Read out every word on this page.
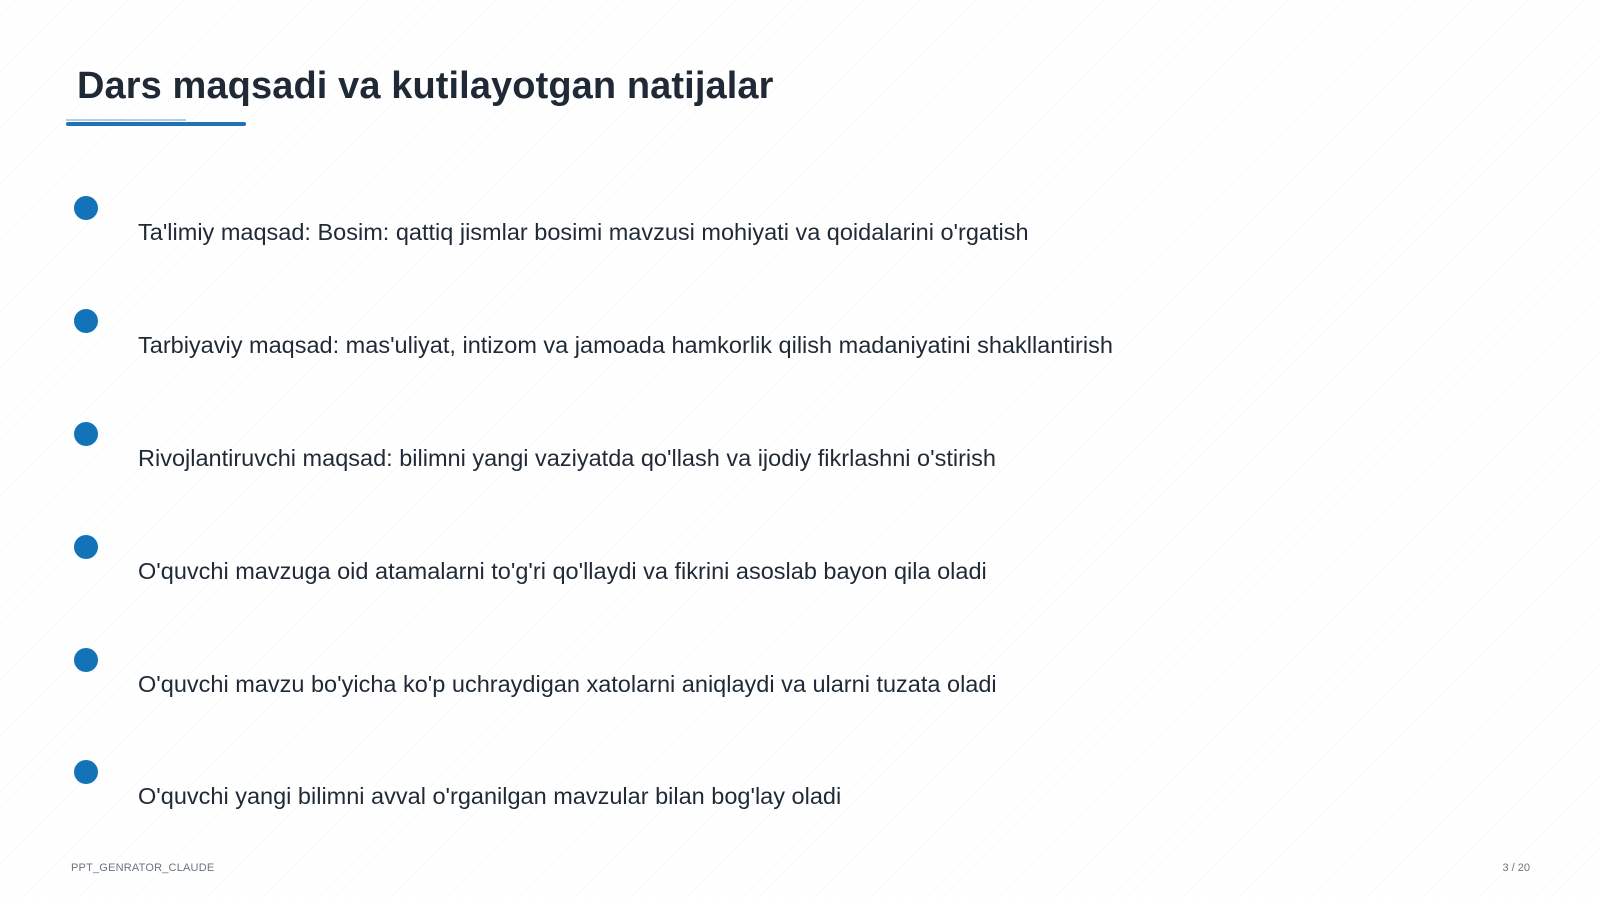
Dars maqsadi va kutilayotgan natijalar
Ta'limiy maqsad: Bosim: qattiq jismlar bosimi mavzusi mohiyati va qoidalarini o'rgatish
Tarbiyaviy maqsad: mas'uliyat, intizom va jamoada hamkorlik qilish madaniyatini shakllantirish
Rivojlantiruvchi maqsad: bilimni yangi vaziyatda qo'llash va ijodiy fikrlashni o'stirish
O'quvchi mavzuga oid atamalarni to'g'ri qo'llaydi va fikrini asoslab bayon qila oladi
O'quvchi mavzu bo'yicha ko'p uchraydigan xatolarni aniqlaydi va ularni tuzata oladi
O'quvchi yangi bilimni avval o'rganilgan mavzular bilan bog'lay oladi
PPT_GENRATOR_CLAUDE	3 / 20
